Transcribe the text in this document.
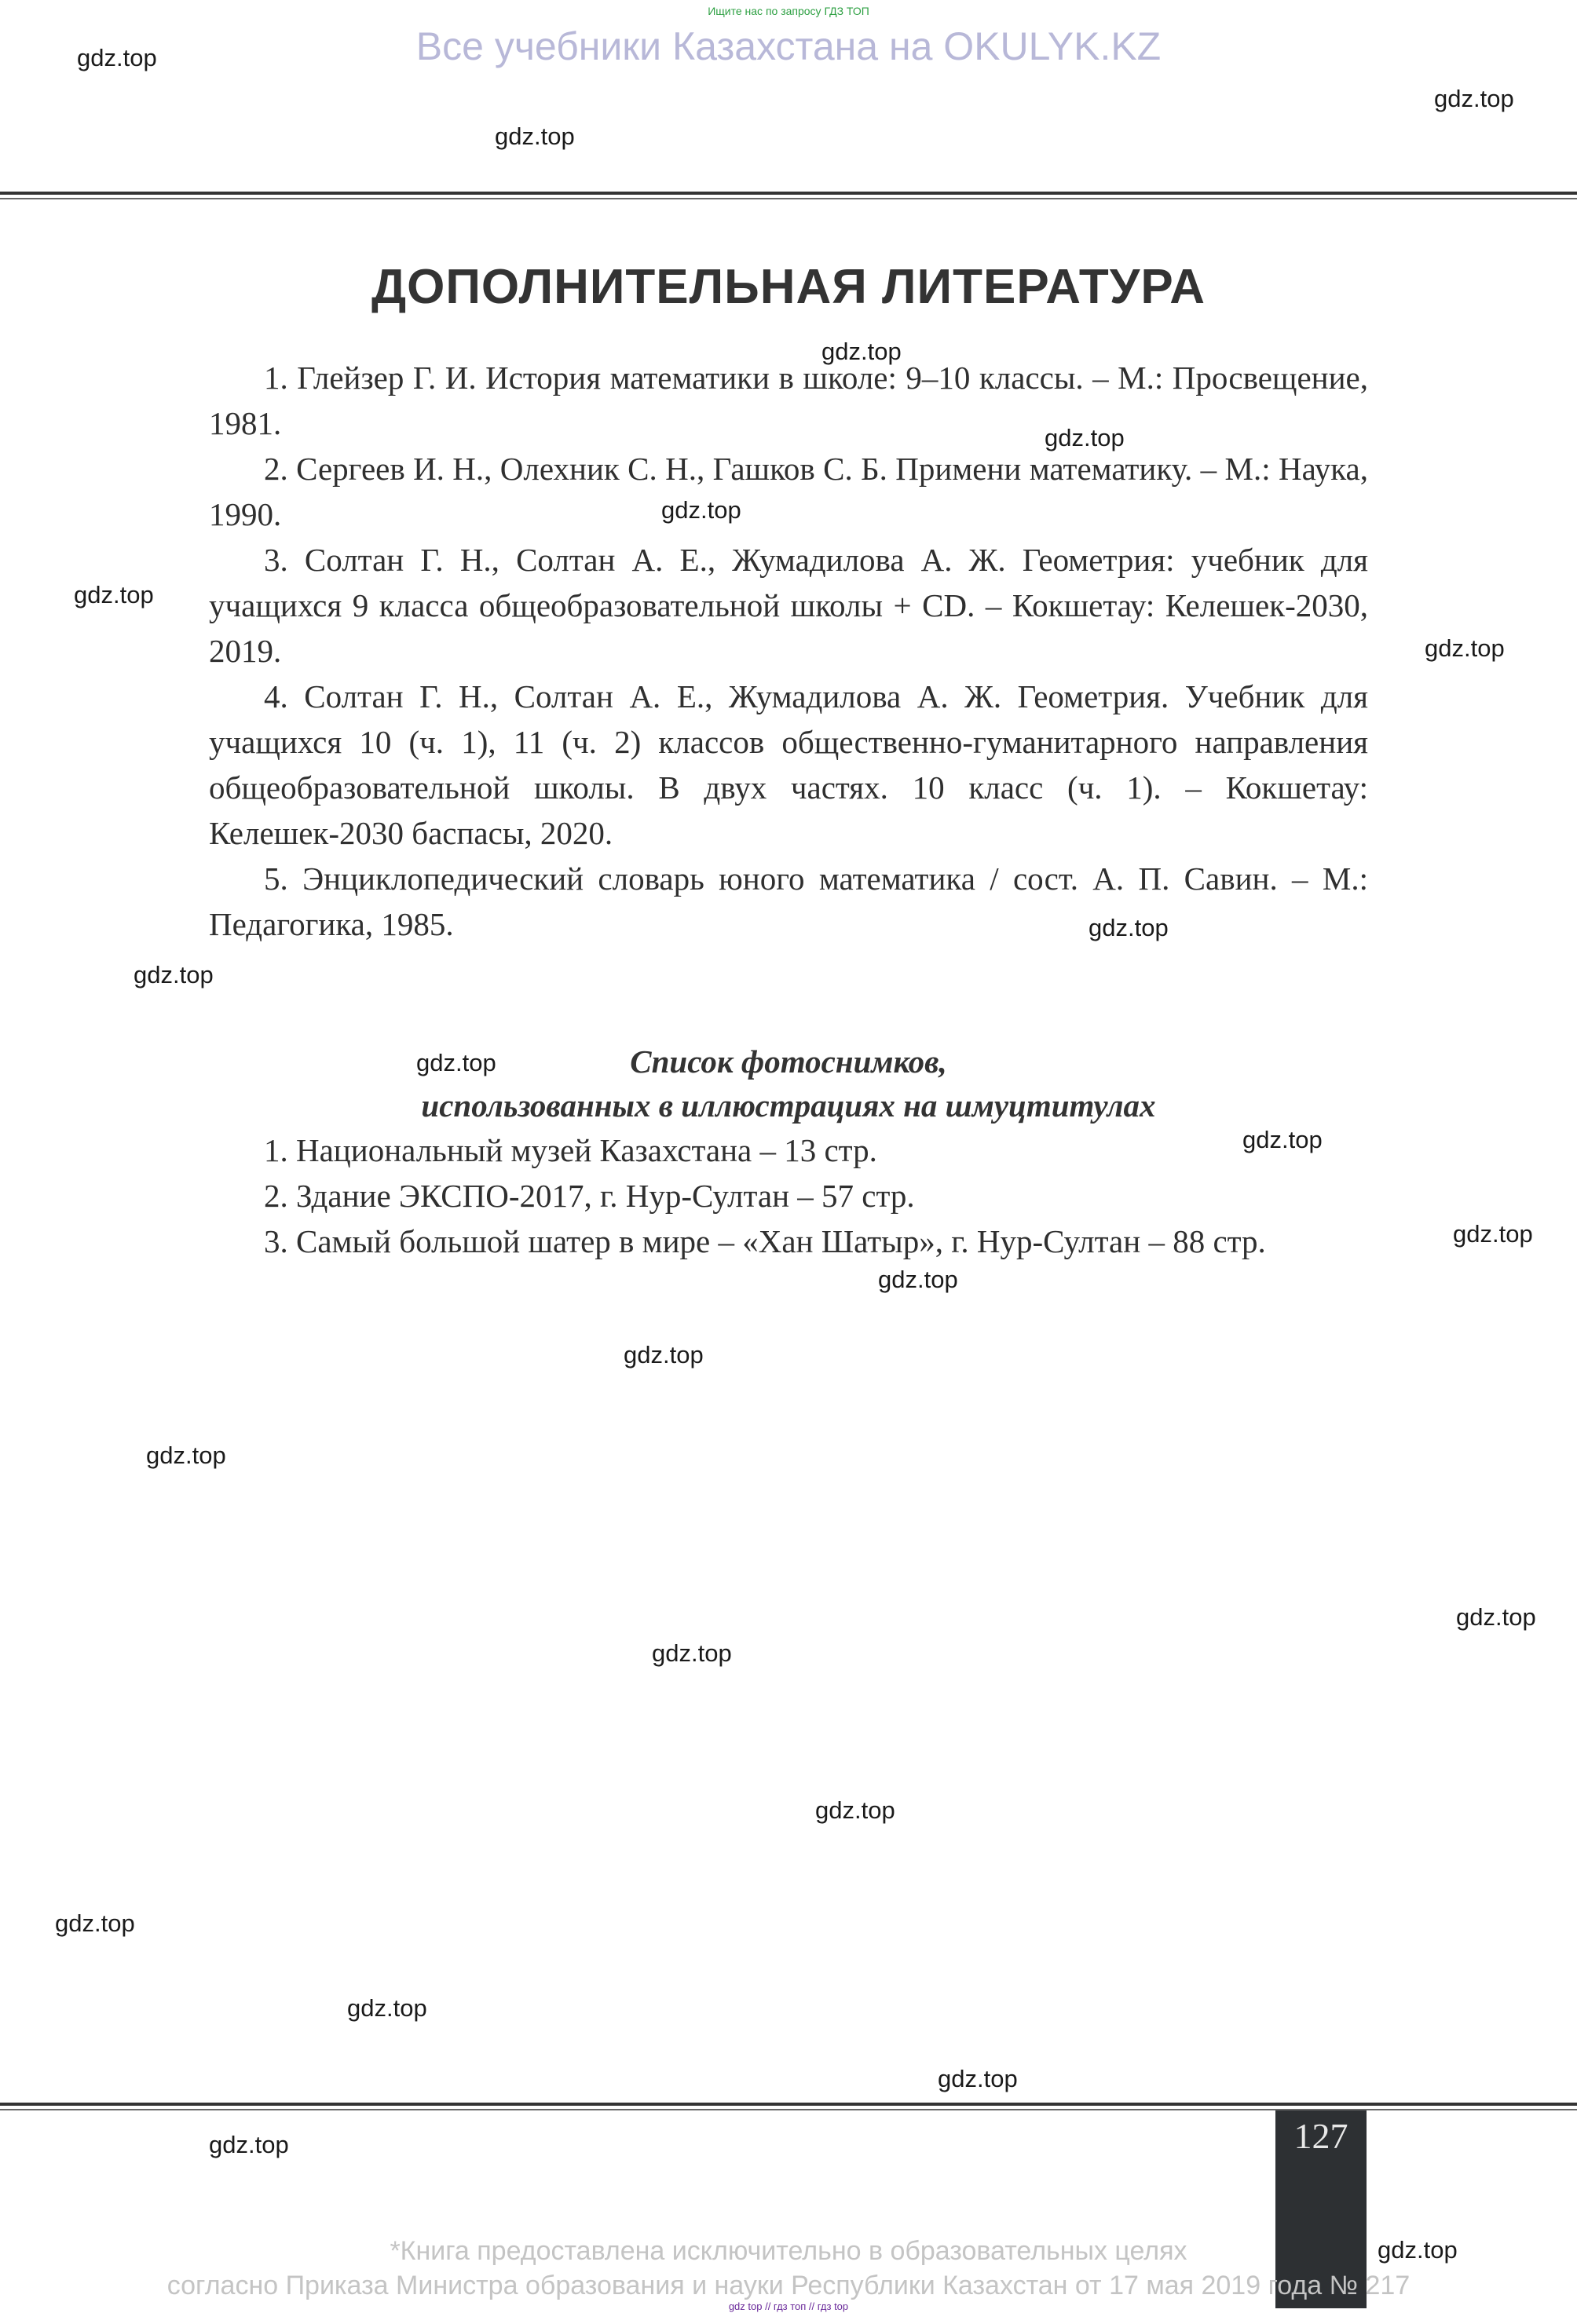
Ищите нас по запросу ГДЗ ТОП
Все учебники Казахстана на OKULYK.KZ
gdz.top
gdz.top
gdz.top
gdz.top
gdz.top
gdz.top
gdz.top
gdz.top
gdz.top
gdz.top
gdz.top
gdz.top
gdz.top
gdz.top
gdz.top
gdz.top
gdz.top
gdz.top
gdz.top
gdz.top
gdz.top
gdz.top
gdz.top
gdz.top
ДОПОЛНИТЕЛЬНАЯ ЛИТЕРАТУРА
1. Глейзер Г. И. История математики в школе: 9–10 классы. – М.: Просвещение, 1981.
2. Сергеев И. Н., Олехник С. Н., Гашков С. Б. Примени математику. – М.: Наука, 1990.
3. Солтан Г. Н., Солтан А. Е., Жумадилова А. Ж. Геометрия: учебник для учащихся 9 класса общеобразовательной школы + CD. – Кокшетау: Келешек-2030, 2019.
4. Солтан Г. Н., Солтан А. Е., Жумадилова А. Ж. Геометрия. Учебник для учащихся 10 (ч. 1), 11 (ч. 2) классов общественно-гуманитарного направления общеобразовательной школы. В двух частях. 10 класс (ч. 1). – Кокшетау: Келешек-2030 баспасы, 2020.
5. Энциклопедический словарь юного математика / сост. А. П. Савин. – М.: Педагогика, 1985.
Список фотоснимков,
использованных в иллюстрациях на шмуцтитулах
1. Национальный музей Казахстана – 13 стр.
2. Здание ЭКСПО-2017, г. Нур-Султан – 57 стр.
3. Самый большой шатер в мире – «Хан Шатыр», г. Нур-Султан – 88 стр.
127
*Книга предоставлена исключительно в образовательных целях
согласно Приказа Министра образования и науки Республики Казахстан от 17 мая 2019 года № 217
gdz top // гдз топ // гдз top
